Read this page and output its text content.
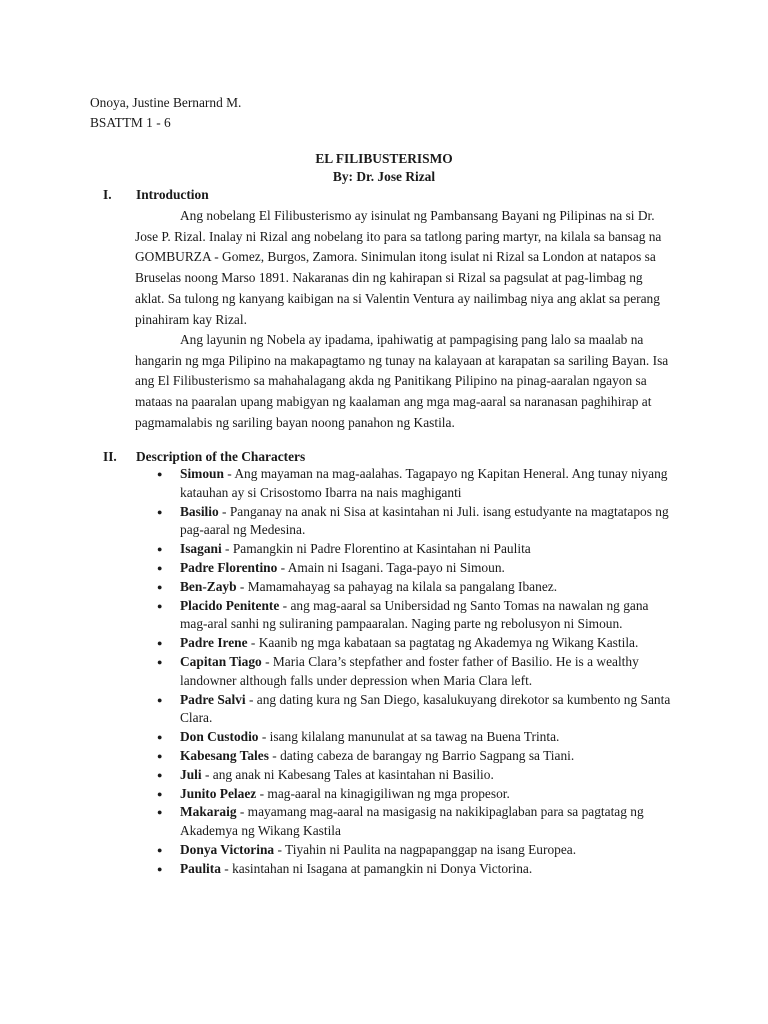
Onoya, Justine Bernarnd M.
BSATTM 1 - 6
EL FILIBUSTERISMO
By: Dr. Jose Rizal
I. Introduction

Ang nobelang El Filibusterismo ay isinulat ng Pambansang Bayani ng Pilipinas na si Dr. Jose P. Rizal. Inalay ni Rizal ang nobelang ito para sa tatlong paring martyr, na kilala sa bansag na GOMBURZA - Gomez, Burgos, Zamora. Sinimulan itong isulat ni Rizal sa London at natapos sa Bruselas noong Marso 1891. Nakaranas din ng kahirapan si Rizal sa pagsulat at pag-limbag ng aklat. Sa tulong ng kanyang kaibigan na si Valentin Ventura ay nailimbag niya ang aklat sa perang pinahiram kay Rizal.

Ang layunin ng Nobela ay ipadama, ipahiwatig at pampagising pang lalo sa maalab na hangarin ng mga Pilipino na makapagtamo ng tunay na kalayaan at karapatan sa sariling Bayan. Isa ang El Filibusterismo sa mahahalagang akda ng Panitikang Pilipino na pinag-aaralan ngayon sa mataas na paaralan upang mabigyan ng kaalaman ang mga mag-aaral sa naranasan paghihirap at pagmamalabis ng sariling bayan noong panahon ng Kastila.

II. Description of the Characters
● Simoun - Ang mayaman na mag-aalahas. Tagapayo ng Kapitan Heneral. Ang tunay niyang katauhan ay si Crisostomo Ibarra na nais maghiganti
● Basilio - Panganay na anak ni Sisa at kasintahan ni Juli. isang estudyante na magtatapos ng pag-aaral ng Medesina.
● Isagani - Pamangkin ni Padre Florentino at Kasintahan ni Paulita
● Padre Florentino - Amain ni Isagani. Taga-payo ni Simoun.
● Ben-Zayb - Mamamahayag sa pahayag na kilala sa pangalang Ibanez.
● Placido Penitente - ang mag-aaral sa Unibersidad ng Santo Tomas na nawalan ng gana mag-aral sanhi ng suliraning pampaaralan. Naging parte ng rebolusyon ni Simoun.
● Padre Irene - Kaanib ng mga kabataan sa pagtatag ng Akademya ng Wikang Kastila.
● Capitan Tiago - Maria Clara’s stepfather and foster father of Basilio. He is a wealthy landowner although falls under depression when Maria Clara left.
● Padre Salvi - ang dating kura ng San Diego, kasalukuyang direkotor sa kumbento ng Santa Clara.
● Don Custodio - isang kilalang manunulat at sa tawag na Buena Trinta.
● Kabesang Tales - dating cabeza de barangay ng Barrio Sagpang sa Tiani.
● Juli - ang anak ni Kabesang Tales at kasintahan ni Basilio.
● Junito Pelaez - mag-aaral na kinagigiliwan ng mga propesor.
● Makaraig - mayamang mag-aaral na masigasig na nakikipaglaban para sa pagtatag ng Akademya ng Wikang Kastila
● Donya Victorina - Tiyahin ni Paulita na nagpapanggap na isang Europea.
● Paulita - kasintahan ni Isagana at pamangkin ni Donya Victorina.
